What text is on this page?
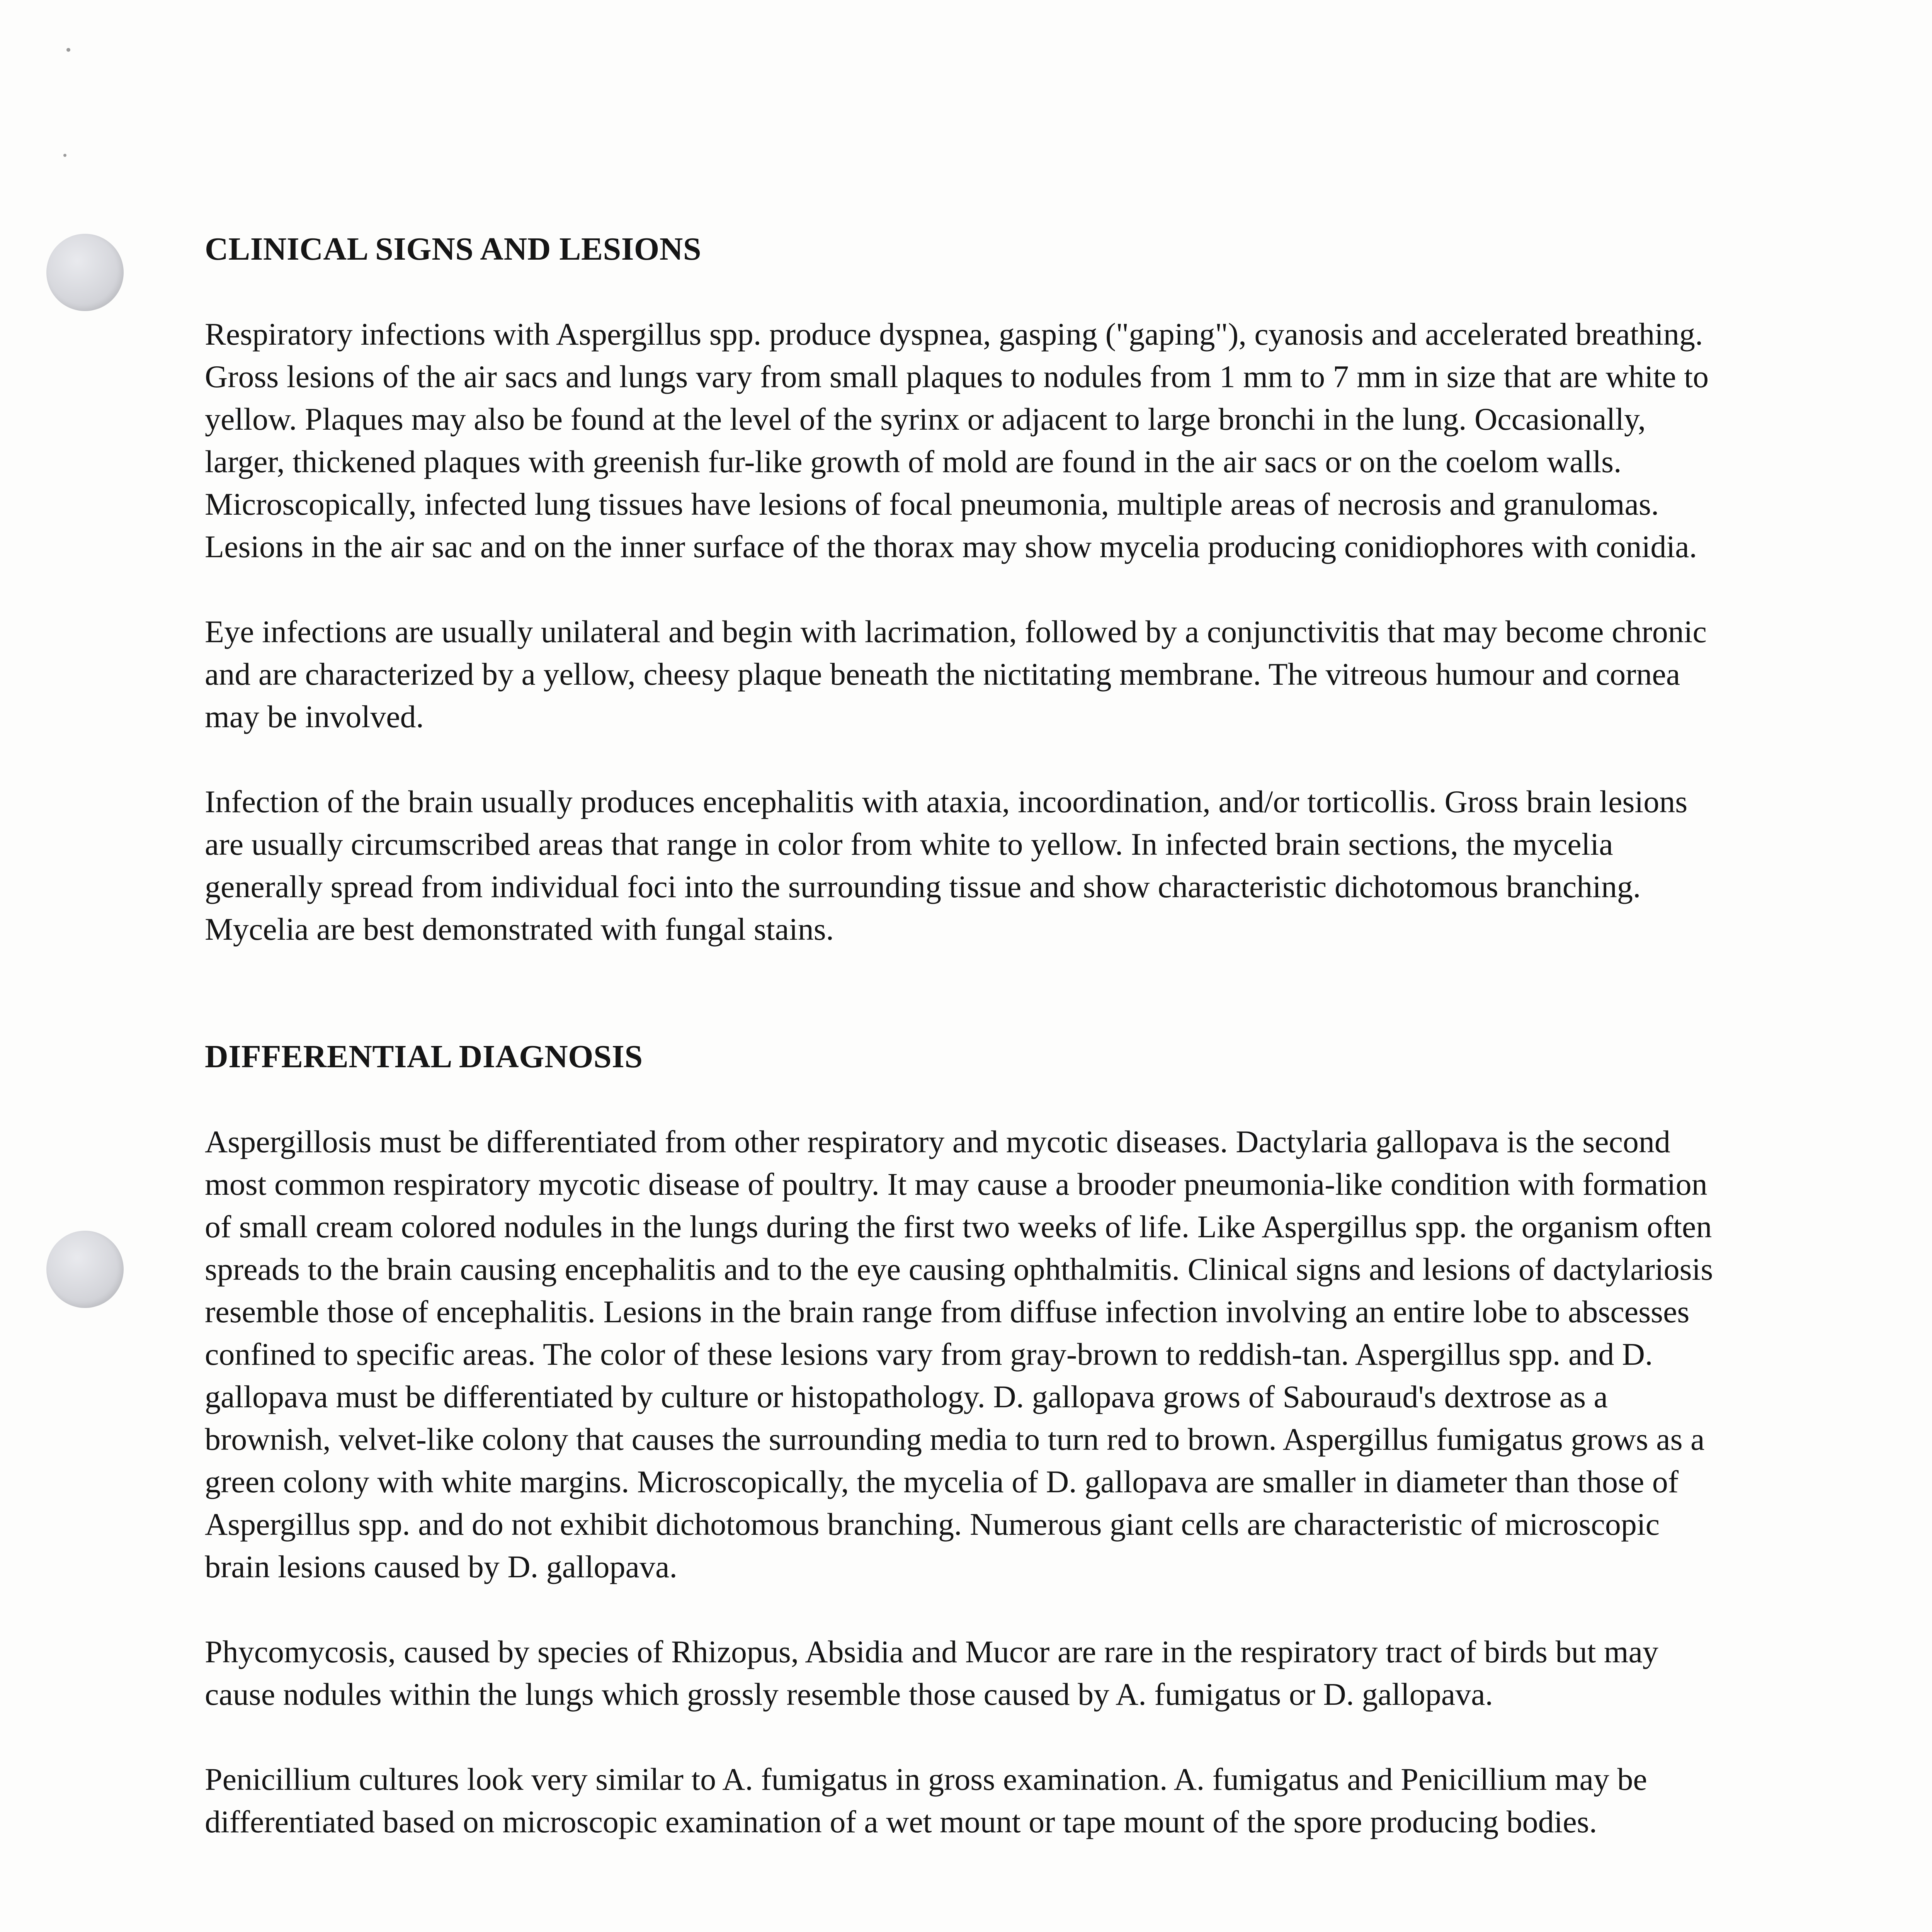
CLINICAL SIGNS AND LESIONS

Respiratory infections with Aspergillus spp. produce dyspnea, gasping ("gaping"), cyanosis and accelerated breathing. Gross lesions of the air sacs and lungs vary from small plaques to nodules from 1 mm to 7 mm in size that are white to yellow. Plaques may also be found at the level of the syrinx or adjacent to large bronchi in the lung. Occasionally, larger, thickened plaques with greenish fur-like growth of mold are found in the air sacs or on the coelom walls. Microscopically, infected lung tissues have lesions of focal pneumonia, multiple areas of necrosis and granulomas. Lesions in the air sac and on the inner surface of the thorax may show mycelia producing conidiophores with conidia.

Eye infections are usually unilateral and begin with lacrimation, followed by a conjunctivitis that may become chronic and are characterized by a yellow, cheesy plaque beneath the nictitating membrane. The vitreous humour and cornea may be involved.

Infection of the brain usually produces encephalitis with ataxia, incoordination, and/or torticollis. Gross brain lesions are usually circumscribed areas that range in color from white to yellow. In infected brain sections, the mycelia generally spread from individual foci into the surrounding tissue and show characteristic dichotomous branching. Mycelia are best demonstrated with fungal stains.

DIFFERENTIAL DIAGNOSIS

Aspergillosis must be differentiated from other respiratory and mycotic diseases. Dactylaria gallopava is the second most common respiratory mycotic disease of poultry. It may cause a brooder pneumonia-like condition with formation of small cream colored nodules in the lungs during the first two weeks of life. Like Aspergillus spp. the organism often spreads to the brain causing encephalitis and to the eye causing ophthalmitis. Clinical signs and lesions of dactylariosis resemble those of encephalitis. Lesions in the brain range from diffuse infection involving an entire lobe to abscesses confined to specific areas. The color of these lesions vary from gray-brown to reddish-tan. Aspergillus spp. and D. gallopava must be differentiated by culture or histopathology. D. gallopava grows of Sabouraud's dextrose as a brownish, velvet-like colony that causes the surrounding media to turn red to brown. Aspergillus fumigatus grows as a green colony with white margins. Microscopically, the mycelia of D. gallopava are smaller in diameter than those of Aspergillus spp. and do not exhibit dichotomous branching. Numerous giant cells are characteristic of microscopic brain lesions caused by D. gallopava.

Phycomycosis, caused by species of Rhizopus, Absidia and Mucor are rare in the respiratory tract of birds but may cause nodules within the lungs which grossly resemble those caused by A. fumigatus or D. gallopava.

Penicillium cultures look very similar to A. fumigatus in gross examination. A. fumigatus and Penicillium may be differentiated based on microscopic examination of a wet mount or tape mount of the spore producing bodies.
